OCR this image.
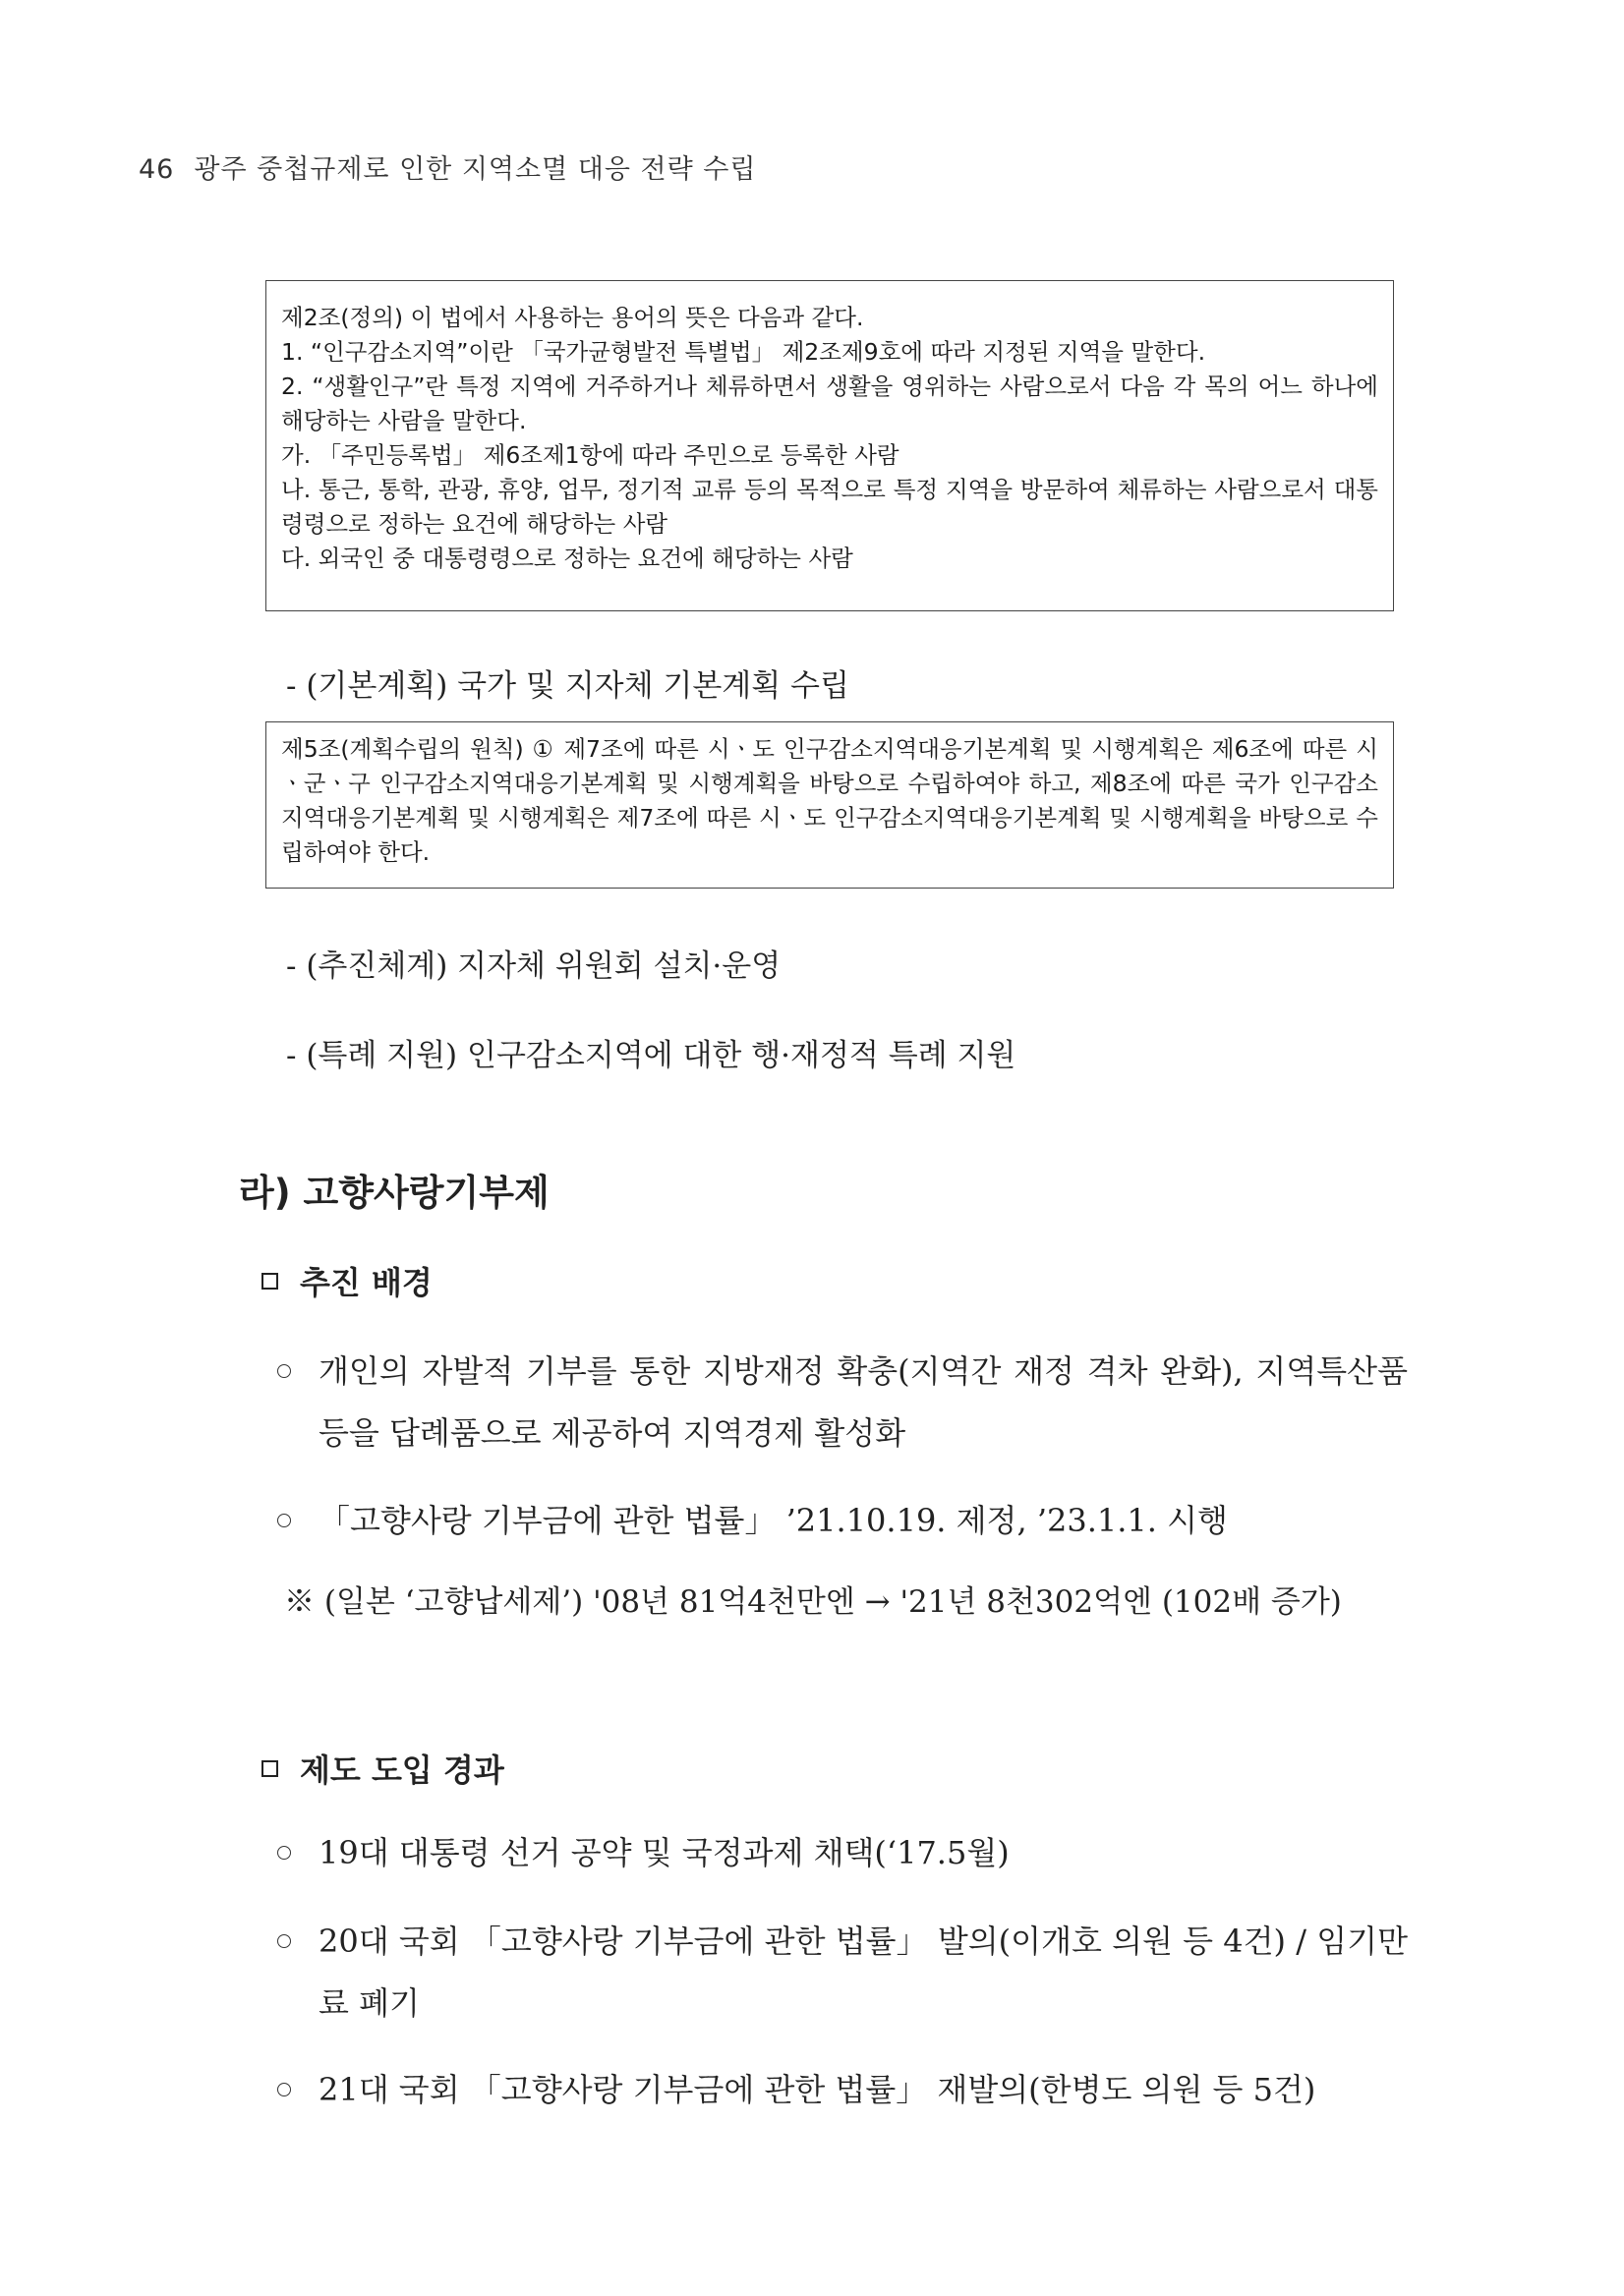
46 광주 중첩규제로 인한 지역소멸 대응 전략 수립

제2조(정의) 이 법에서 사용하는 용어의 뜻은 다음과 같다.

1. “인구감소지역”이란 「국가균형발전 특별법」 제2조제9호에 따라 지정된 지역을 말한다.

2. “생활인구”란 특정 지역에 거주하거나 체류하면서 생활을 영위하는 사람으로서 다음 각 목의 어느 하나에 해당하는 사람을 말한다.

가. 「주민등록법」 제6조제1항에 따라 주민으로 등록한 사람

나. 통근, 통학, 관광, 휴양, 업무, 정기적 교류 등의 목적으로 특정 지역을 방문하여 체류하는 사람으로서 대통령령으로 정하는 요건에 해당하는 사람

다. 외국인 중 대통령령으로 정하는 요건에 해당하는 사람

- (기본계획) 국가 및 지자체 기본계획 수립

제5조(계획수립의 원칙) ① 제7조에 따른 시ㆍ도 인구감소지역대응기본계획 및 시행계획은 제6조에 따른 시ㆍ군ㆍ구 인구감소지역대응기본계획 및 시행계획을 바탕으로 수립하여야 하고, 제8조에 따른 국가 인구감소지역대응기본계획 및 시행계획은 제7조에 따른 시ㆍ도 인구감소지역대응기본계획 및 시행계획을 바탕으로 수립하여야 한다.

- (추진체계) 지자체 위원회 설치·운영
- (특례 지원) 인구감소지역에 대한 행·재정적 특례 지원
라) 고향사랑기부제
추진 배경
개인의 자발적 기부를 통한 지방재정 확충(지역간 재정 격차 완화), 지역특산품 등을 답례품으로 제공하여 지역경제 활성화
「고향사랑 기부금에 관한 법률」 ’21.10.19. 제정, ’23.1.1. 시행
※ (일본 ‘고향납세제’) '08년 81억4천만엔 → '21년 8천302억엔 (102배 증가)
제도 도입 경과
19대 대통령 선거 공약 및 국정과제 채택(‘17.5월)
20대 국회 「고향사랑 기부금에 관한 법률」 발의(이개호 의원 등 4건) / 임기만료 폐기
21대 국회 「고향사랑 기부금에 관한 법률」 재발의(한병도 의원 등 5건)
